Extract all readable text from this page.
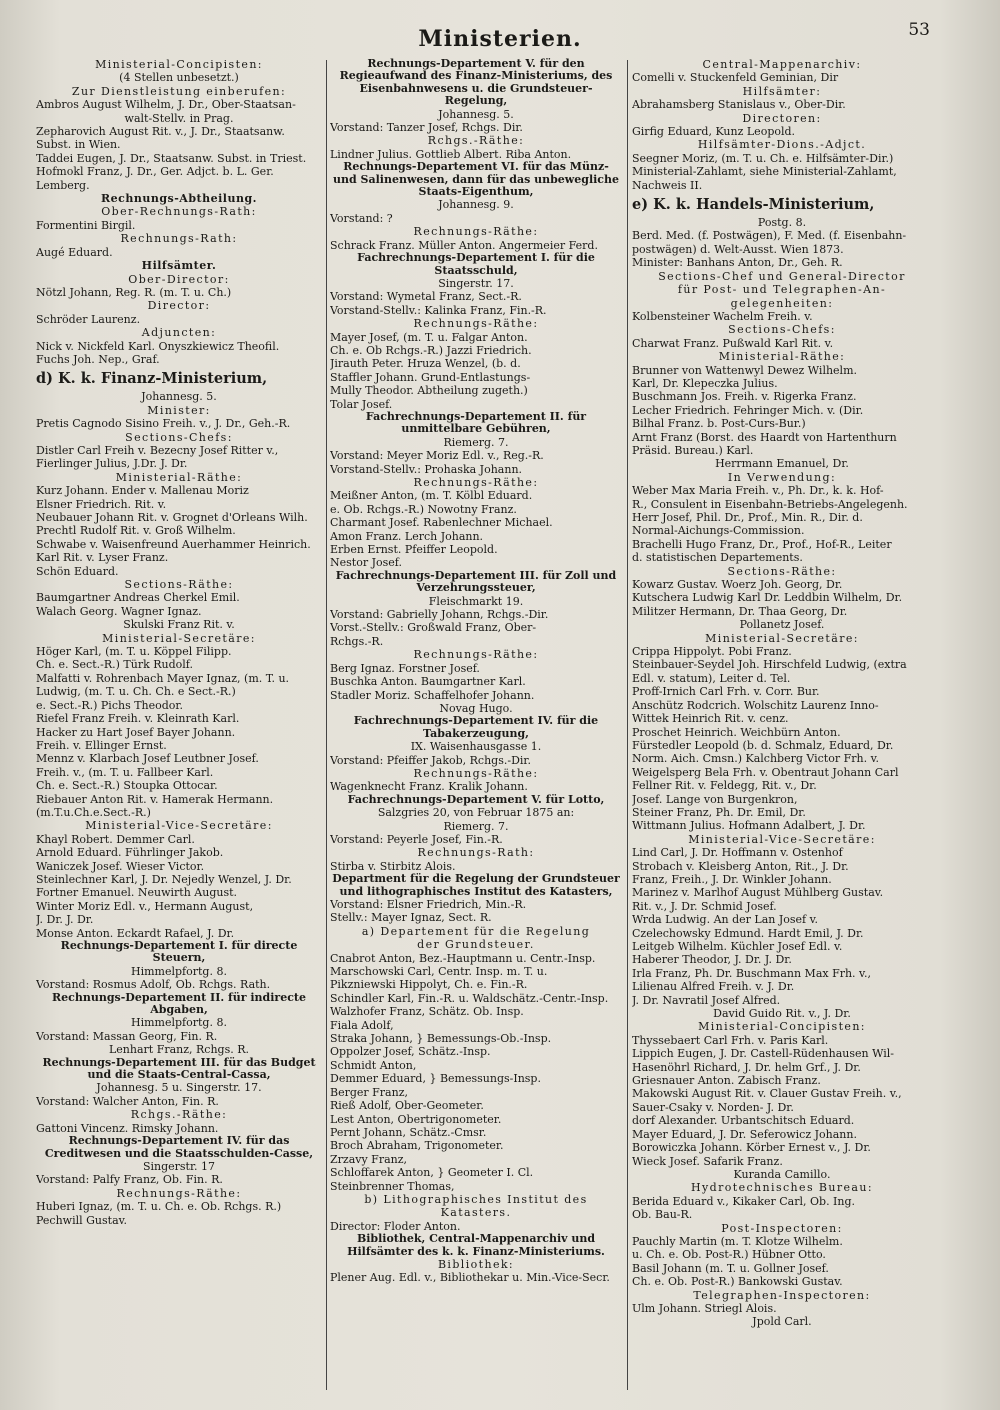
Ministerien.	53
Ministerial-Concipisten:
(4 Stellen unbesetzt.)
Zur Dienstleistung einberufen:
Ambros August Wilhelm, J. Dr., Ober-Staatsan-
walt-Stellv. in Prag.
Zepharovich August Rit. v., J. Dr., Staatsanw.
Subst. in Wien.
Taddei Eugen, J. Dr., Staatsanw. Subst. in Triest.
Hofmokl Franz, J. Dr., Ger. Adjct. b. L. Ger.
Lemberg.
Rechnungs-Abtheilung.
Ober-Rechnungs-Rath:
Formentini Birgil.
Rechnungs-Rath:
Augé Eduard.
Hilfsämter.
Ober-Director:
Nötzl Johann, Reg. R. (m. T. u. Ch.)
Director:
Schröder Laurenz.
Adjuncten:
Nick v. Nickfeld Karl. Onyszkiewicz Theofil.
Fuchs Joh. Nep., Graf.
d) K. k. Finanz-Ministerium,
Johannesg. 5.
Minister:
Pretis Cagnodo Sisino Freih. v., J. Dr., Geh.-R.
Sections-Chefs:
Distler Carl Freih v. Bezecny Josef Ritter v.,
Fierlinger Julius, J.Dr. J. Dr.
Ministerial-Räthe:
Kurz Johann. Ender v. Mallenau Moriz
Elsner Friedrich. Rit. v.
Neubauer Johann Rit. v. Grognet d'Orleans Wilh.
Prechtl Rudolf Rit. v. Groß Wilhelm.
Schwabe v. Waisenfreund Auerhammer Heinrich.
Karl Rit. v. Lyser Franz.
Schön Eduard.
Sections-Räthe:
Baumgartner Andreas Cherkel Emil.
Walach Georg. Wagner Ignaz.
Skulski Franz Rit. v.
Ministerial-Secretäre:
Höger Karl, (m. T. u. Köppel Filipp.
Ch. e. Sect.-R.) Türk Rudolf.
Malfatti v. Rohrenbach Mayer Ignaz, (m. T. u.
Ludwig, (m. T. u. Ch. Ch. e Sect.-R.)
e. Sect.-R.) Pichs Theodor.
Riefel Franz Freih. v. Kleinrath Karl.
Hacker zu Hart Josef Bayer Johann.
Freih. v. Ellinger Ernst.
Mennz v. Klarbach Josef Leutbner Josef.
Freih. v., (m. T. u. Fallbeer Karl.
Ch. e. Sect.-R.) Stoupka Ottocar.
Riebauer Anton Rit. v. Hamerak Hermann.
(m.T.u.Ch.e.Sect.-R.)
Ministerial-Vice-Secretäre:
Khayl Robert. Demmer Carl.
Arnold Eduard. Führlinger Jakob.
Waniczek Josef. Wieser Victor.
Steinlechner Karl, J. Dr. Nejedly Wenzel, J. Dr.
Fortner Emanuel. Neuwirth August.
Winter Moriz Edl. v., Hermann August,
J. Dr. J. Dr.
Monse Anton. Eckardt Rafael, J. Dr.
Rechnungs-Departement I. für directe Steuern,
Himmelpfortg. 8.
Vorstand: Rosmus Adolf, Ob. Rchgs. Rath.
Rechnungs-Departement II. für indirecte Abgaben,
Himmelpfortg. 8.
Vorstand: Massan Georg, Fin. R.
Lenhart Franz, Rchgs. R.
Rechnungs-Departement III. für das Budget und die Staats-Central-Cassa,
Johannesg. 5 u. Singerstr. 17.
Vorstand: Walcher Anton, Fin. R.
Rchgs.-Räthe:
Gattoni Vincenz. Rimsky Johann.
Rechnungs-Departement IV. für das Creditwesen und die Staatsschulden-Casse,
Singerstr. 17
Vorstand: Palfy Franz, Ob. Fin. R.
Rechnungs-Räthe:
Huberi Ignaz, (m. T. u. Ch. e. Ob. Rchgs. R.)
Pechwill Gustav.
Rechnungs-Departement V. für den Regieaufwand des Finanz-Ministeriums, des Eisenbahnwesens u. die Grundsteuer-Regelung,
Johannesg. 5.
Vorstand: Tanzer Josef, Rchgs. Dir.
Rchgs.-Räthe:
Lindner Julius. Gottlieb Albert. Riba Anton.
Rechnungs-Departement VI. für das Münz- und Salinenwesen, dann für das unbewegliche Staats-Eigenthum,
Johannesg. 9.
Vorstand: ?
Rechnungs-Räthe:
Schrack Franz. Müller Anton. Angermeier Ferd.
Fachrechnungs-Departement I. für die Staatsschuld,
Singerstr. 17.
Vorstand: Wymetal Franz, Sect.-R.
Vorstand-Stellv.: Kalinka Franz, Fin.-R.
Rechnungs-Räthe:
Mayer Josef, (m. T. u. Falgar Anton.
Ch. e. Ob Rchgs.-R.) Jazzi Friedrich.
Jirauth Peter. Hruza Wenzel, (b. d.
Staffler Johann. Grund-Entlastungs-
Mully Theodor. Abtheilung zugeth.)
Tolar Josef.
Fachrechnungs-Departement II. für unmittelbare Gebühren,
Riemerg. 7.
Vorstand: Meyer Moriz Edl. v., Reg.-R.
Vorstand-Stellv.: Prohaska Johann.
Rechnungs-Räthe:
Meißner Anton, (m. T. Kölbl Eduard.
e. Ob. Rchgs.-R.) Nowotny Franz.
Charmant Josef. Rabenlechner Michael.
Amon Franz. Lerch Johann.
Erben Ernst. Pfeiffer Leopold.
Nestor Josef.
Fachrechnungs-Departement III. für Zoll und Verzehrungssteuer,
Fleischmarkt 19.
Vorstand: Gabrielly Johann, Rchgs.-Dir.
Vorst.-Stellv.: Großwald Franz, Ober-
Rchgs.-R.
Rechnungs-Räthe:
Berg Ignaz. Forstner Josef.
Buschka Anton. Baumgartner Karl.
Stadler Moriz. Schaffelhofer Johann.
Novag Hugo.
Fachrechnungs-Departement IV. für die Tabakerzeugung,
IX. Waisenhausgasse 1.
Vorstand: Pfeiffer Jakob, Rchgs.-Dir.
Rechnungs-Räthe:
Wagenknecht Franz. Kralik Johann.
Fachrechnungs-Departement V. für Lotto,
Salzgries 20, von Februar 1875 an:
Riemerg. 7.
Vorstand: Peyerle Josef, Fin.-R.
Rechnungs-Rath:
Stirba v. Stirbitz Alois.
Department für die Regelung der Grundsteuer und lithographisches Institut des Katasters,
Vorstand: Elsner Friedrich, Min.-R.
Stellv.: Mayer Ignaz, Sect. R.
a) Departement für die Regelung
der Grundsteuer.
Cnabrot Anton, Bez.-Hauptmann u. Centr.-Insp.
Marschowski Carl, Centr. Insp. m. T. u.
Pikzniewski Hippolyt, Ch. e. Fin.-R.
Schindler Karl, Fin.-R. u. Waldschätz.-Centr.-Insp.
Walzhofer Franz, Schätz. Ob. Insp.
Fiala Adolf,
Straka Johann, } Bemessungs-Ob.-Insp.
Oppolzer Josef, Schätz.-Insp.
Schmidt Anton,
Demmer Eduard, } Bemessungs-Insp.
Berger Franz,
Rieß Adolf, Ober-Geometer.
Lest Anton, Obertrigonometer.
Pernt Johann, Schätz.-Cmsr.
Broch Abraham, Trigonometer.
Zrzavy Franz,
Schloffarek Anton, } Geometer I. Cl.
Steinbrenner Thomas,
b) Lithographisches Institut des
Katasters.
Director: Floder Anton.
Bibliothek, Central-Mappenarchiv und Hilfsämter des k. k. Finanz-Ministeriums.
Bibliothek:
Plener Aug. Edl. v., Bibliothekar u. Min.-Vice-Secr.
Central-Mappenarchiv:
Comelli v. Stuckenfeld Geminian, Dir
Hilfsämter:
Abrahamsberg Stanislaus v., Ober-Dir.
Directoren:
Girfig Eduard, Kunz Leopold.
Hilfsämter-Dions.-Adjct.
Seegner Moriz, (m. T. u. Ch. e. Hilfsämter-Dir.)
Ministerial-Zahlamt, siehe Ministerial-Zahlamt,
Nachweis II.
e) K. k. Handels-Ministerium,
Postg. 8.
Berd. Med. (f. Postwägen), F. Med. (f. Eisenbahn-
postwägen) d. Welt-Ausst. Wien 1873.
Minister: Banhans Anton, Dr., Geh. R.
Sections-Chef und General-Director
für Post- und Telegraphen-An-
gelegenheiten:
Kolbensteiner Wachelm Freih. v.
Sections-Chefs:
Charwat Franz. Pußwald Karl Rit. v.
Ministerial-Räthe:
Brunner von Wattenwyl Dewez Wilhelm.
Karl, Dr. Klepeczka Julius.
Buschmann Jos. Freih. v. Rigerka Franz.
Lecher Friedrich. Fehringer Mich. v. (Dir.
Bilhal Franz. b. Post-Curs-Bur.)
Arnt Franz (Borst. des Haardt von Hartenthurn
Präsid. Bureau.) Karl.
Herrmann Emanuel, Dr.
In Verwendung:
Weber Max Maria Freih. v., Ph. Dr., k. k. Hof-
R., Consulent in Eisenbahn-Betriebs-Angelegenh.
Herr Josef, Phil. Dr., Prof., Min. R., Dir. d.
Normal-Aichungs-Commission.
Brachelli Hugo Franz, Dr., Prof., Hof-R., Leiter
d. statistischen Departements.
Sections-Räthe:
Kowarz Gustav. Woerz Joh. Georg, Dr.
Kutschera Ludwig Karl Dr. Leddbin Wilhelm, Dr.
Militzer Hermann, Dr. Thaa Georg, Dr.
Pollanetz Josef.
Ministerial-Secretäre:
Crippa Hippolyt. Pobi Franz.
Steinbauer-Seydel Joh. Hirschfeld Ludwig, (extra
Edl. v. statum), Leiter d. Tel.
Proff-Irnich Carl Frh. v. Corr. Bur.
Anschütz Rodcrich. Wolschitz Laurenz Inno-
Wittek Heinrich Rit. v. cenz.
Proschet Heinrich. Weichbürn Anton.
Fürstedler Leopold (b. d. Schmalz, Eduard, Dr.
Norm. Aich. Cmsn.) Kalchberg Victor Frh. v.
Weigelsperg Bela Frh. v. Obentraut Johann Carl
Fellner Rit. v. Feldegg, Rit. v., Dr.
Josef. Lange von Burgenkron,
Steiner Franz, Ph. Dr. Emil, Dr.
Wittmann Julius. Hofmann Adalbert, J. Dr.
Ministerial-Vice-Secretäre:
Lind Carl, J. Dr. Hoffmann v. Ostenhof
Strobach v. Kleisberg Anton, Rit., J. Dr.
Franz, Freih., J. Dr. Winkler Johann.
Marinez v. Marlhof August Mühlberg Gustav.
Rit. v., J. Dr. Schmid Josef.
Wrda Ludwig. An der Lan Josef v.
Czelechowsky Edmund. Hardt Emil, J. Dr.
Leitgeb Wilhelm. Küchler Josef Edl. v.
Haberer Theodor, J. Dr. J. Dr.
Irla Franz, Ph. Dr. Buschmann Max Frh. v.,
Lilienau Alfred Freih. v. J. Dr.
J. Dr. Navratil Josef Alfred.
David Guido Rit. v., J. Dr.
Ministerial-Concipisten:
Thyssebaert Carl Frh. v. Paris Karl.
Lippich Eugen, J. Dr. Castell-Rüdenhausen Wil-
Hasenöhrl Richard, J. Dr. helm Grf., J. Dr.
Griesnauer Anton. Zabisch Franz.
Makowski August Rit. v. Clauer Gustav Freih. v.,
Sauer-Csaky v. Norden- J. Dr.
dorf Alexander. Urbantschitsch Eduard.
Mayer Eduard, J. Dr. Seferowicz Johann.
Borowiczka Johann. Körber Ernest v., J. Dr.
Wieck Josef. Safarik Franz.
Kuranda Camillo.
Hydrotechnisches Bureau:
Berida Eduard v., Kikaker Carl, Ob. Ing.
Ob. Bau-R.
Post-Inspectoren:
Pauchly Martin (m. T. Klotze Wilhelm.
u. Ch. e. Ob. Post-R.) Hübner Otto.
Basil Johann (m. T. u. Gollner Josef.
Ch. e. Ob. Post-R.) Bankowski Gustav.
Telegraphen-Inspectoren:
Ulm Johann. Striegl Alois.
Jpold Carl.
